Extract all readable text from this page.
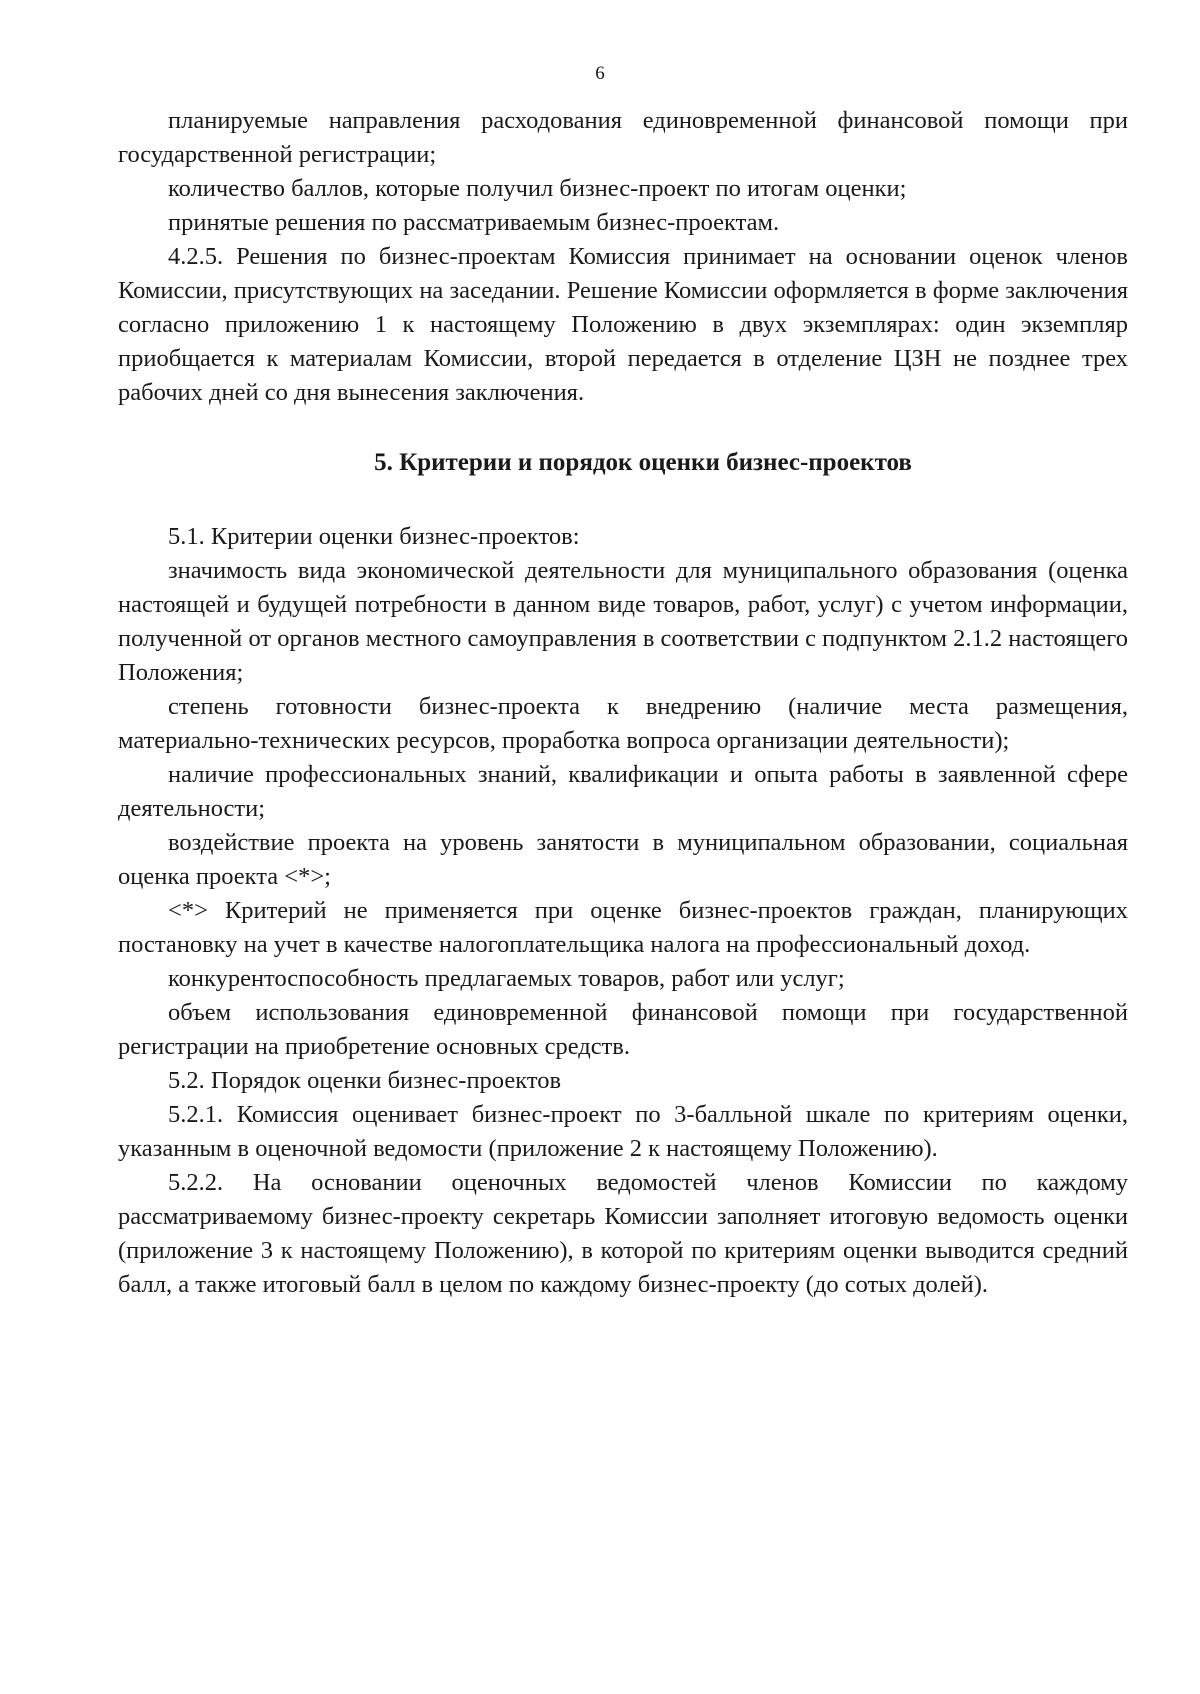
6

планируемые направления расходования единовременной финансовой помощи при государственной регистрации;

количество баллов, которые получил бизнес-проект по итогам оценки;

принятые решения по рассматриваемым бизнес-проектам.

4.2.5. Решения по бизнес-проектам Комиссия принимает на основании оценок членов Комиссии, присутствующих на заседании. Решение Комиссии оформляется в форме заключения согласно приложению 1 к настоящему Положению в двух экземплярах: один экземпляр приобщается к материалам Комиссии, второй передается в отделение ЦЗН не позднее трех рабочих дней со дня вынесения заключения.

5. Критерии и порядок оценки бизнес-проектов

5.1. Критерии оценки бизнес-проектов:

значимость вида экономической деятельности для муниципального образования (оценка настоящей и будущей потребности в данном виде товаров, работ, услуг) с учетом информации, полученной от органов местного самоуправления в соответствии с подпунктом 2.1.2 настоящего Положения;

степень готовности бизнес-проекта к внедрению (наличие места размещения, материально-технических ресурсов, проработка вопроса организации деятельности);

наличие профессиональных знаний, квалификации и опыта работы в заявленной сфере деятельности;

воздействие проекта на уровень занятости в муниципальном образовании, социальная оценка проекта <*>;

<*> Критерий не применяется при оценке бизнес-проектов граждан, планирующих постановку на учет в качестве налогоплательщика налога на профессиональный доход.

конкурентоспособность предлагаемых товаров, работ или услуг;

объем использования единовременной финансовой помощи при государственной регистрации на приобретение основных средств.

5.2. Порядок оценки бизнес-проектов

5.2.1. Комиссия оценивает бизнес-проект по 3-балльной шкале по критериям оценки, указанным в оценочной ведомости (приложение 2 к настоящему Положению).

5.2.2. На основании оценочных ведомостей членов Комиссии по каждому рассматриваемому бизнес-проекту секретарь Комиссии заполняет итоговую ведомость оценки (приложение 3 к настоящему Положению), в которой по критериям оценки выводится средний балл, а также итоговый балл в целом по каждому бизнес-проекту (до сотых долей).
